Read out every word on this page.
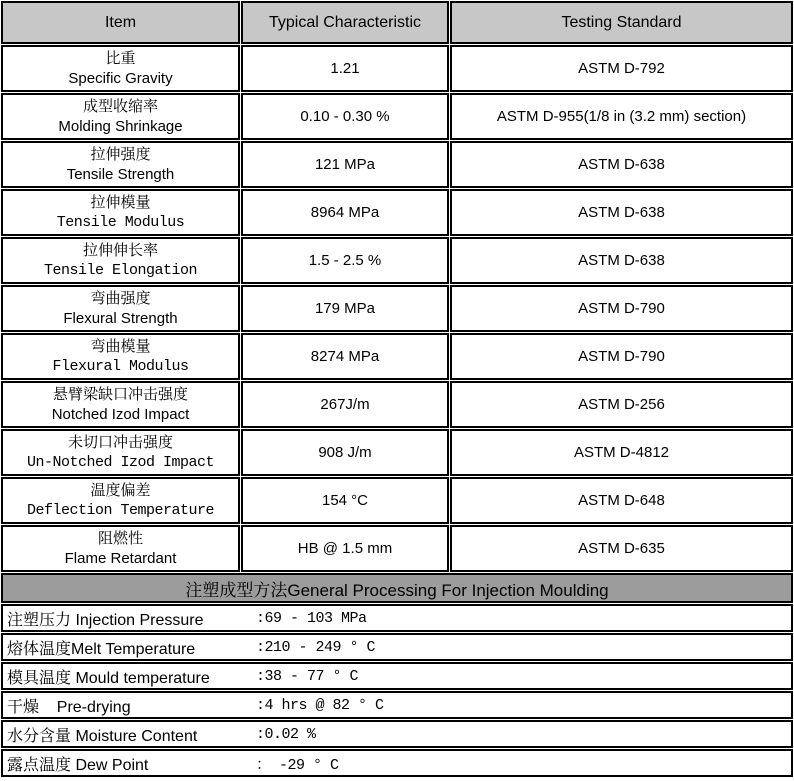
Item	Typical Characteristic	Testing Standard

比重
Specific Gravity	1.21	ASTM D-792

成型收缩率
Molding Shrinkage	0.10 - 0.30 %	ASTM D-955(1/8 in (3.2 mm) section)

拉伸强度
Tensile Strength	121 MPa	ASTM D-638

拉伸模量
Tensile Modulus	8964 MPa	ASTM D-638

拉伸伸长率
Tensile Elongation	1.5 - 2.5 %	ASTM D-638

弯曲强度
Flexural Strength	179 MPa	ASTM D-790

弯曲模量
Flexural Modulus	8274 MPa	ASTM D-790

悬臂梁缺口冲击强度
Notched Izod Impact	267J/m	ASTM D-256

未切口冲击强度
Un-Notched Izod Impact	908 J/m	ASTM D-4812

温度偏差
Deflection Temperature	154 °C	ASTM D-648

阻燃性
Flame Retardant	HB @ 1.5 mm	ASTM D-635
注塑成型方法General Processing For Injection Moulding		

注塑压力 Injection Pressure :69 - 103 MPa		

熔体温度Melt Temperature :210 - 249 ° C		

模具温度 Mould temperature :38 - 77 ° C		

干燥    Pre-drying :4 hrs @ 82 ° C		

水分含量 Moisture Content :0.02 %		

露点温度 Dew Point ： -29 ° C		
